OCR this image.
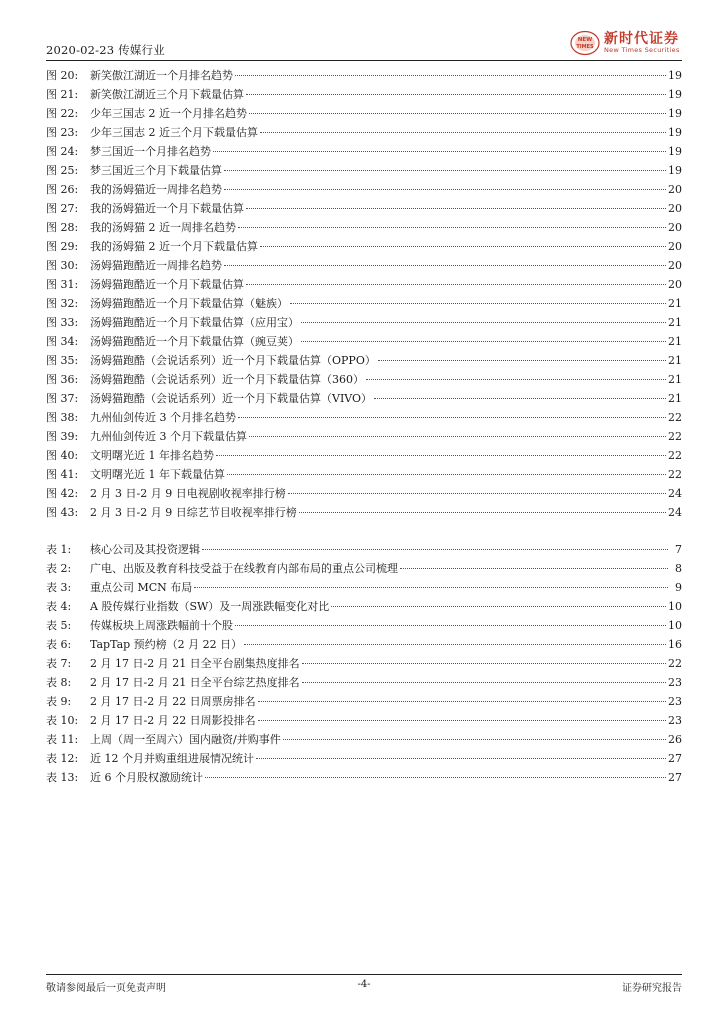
2020-02-23 传媒行业
NEW
TIMES 新时代证券
New Times Securities
图 20:	新笑傲江湖近一个月排名趋势	19
图 21:	新笑傲江湖近三个月下载量估算	19
图 22:	少年三国志 2 近一个月排名趋势	19
图 23:	少年三国志 2 近三个月下载量估算	19
图 24:	梦三国近一个月排名趋势	19
图 25:	梦三国近三个月下载量估算	19
图 26:	我的汤姆猫近一周排名趋势	20
图 27:	我的汤姆猫近一个月下载量估算	20
图 28:	我的汤姆猫 2 近一周排名趋势	20
图 29:	我的汤姆猫 2 近一个月下载量估算	20
图 30:	汤姆猫跑酷近一周排名趋势	20
图 31:	汤姆猫跑酷近一个月下载量估算	20
图 32:	汤姆猫跑酷近一个月下载量估算（魅族）	21
图 33:	汤姆猫跑酷近一个月下载量估算（应用宝）	21
图 34:	汤姆猫跑酷近一个月下载量估算（豌豆荚）	21
图 35:	汤姆猫跑酷（会说话系列）近一个月下载量估算（OPPO）	21
图 36:	汤姆猫跑酷（会说话系列）近一个月下载量估算（360）	21
图 37:	汤姆猫跑酷（会说话系列）近一个月下载量估算（VIVO）	21
图 38:	九州仙剑传近 3 个月排名趋势	22
图 39:	九州仙剑传近 3 个月下载量估算	22
图 40:	文明曙光近 1 年排名趋势	22
图 41:	文明曙光近 1 年下载量估算	22
图 42:	2 月 3 日-2 月 9 日电视剧收视率排行榜	24
图 43:	2 月 3 日-2 月 9 日综艺节目收视率排行榜	24
表 1:	核心公司及其投资逻辑	7
表 2:	广电、出版及教育科技受益于在线教育内部布局的重点公司梳理	8
表 3:	重点公司 MCN 布局	9
表 4:	A 股传媒行业指数（SW）及一周涨跌幅变化对比	10
表 5:	传媒板块上周涨跌幅前十个股	10
表 6:	TapTap 预约榜（2 月 22 日）	16
表 7:	2 月 17 日-2 月 21 日全平台剧集热度排名	22
表 8:	2 月 17 日-2 月 21 日全平台综艺热度排名	23
表 9:	2 月 17 日-2 月 22 日周票房排名	23
表 10:	2 月 17 日-2 月 22 日周影投排名	23
表 11:	上周（周一至周六）国内融资/并购事件	26
表 12:	近 12 个月并购重组进展情况统计	27
表 13:	近 6 个月股权激励统计	27
敬请参阅最后一页免责声明	-4-	证券研究报告
